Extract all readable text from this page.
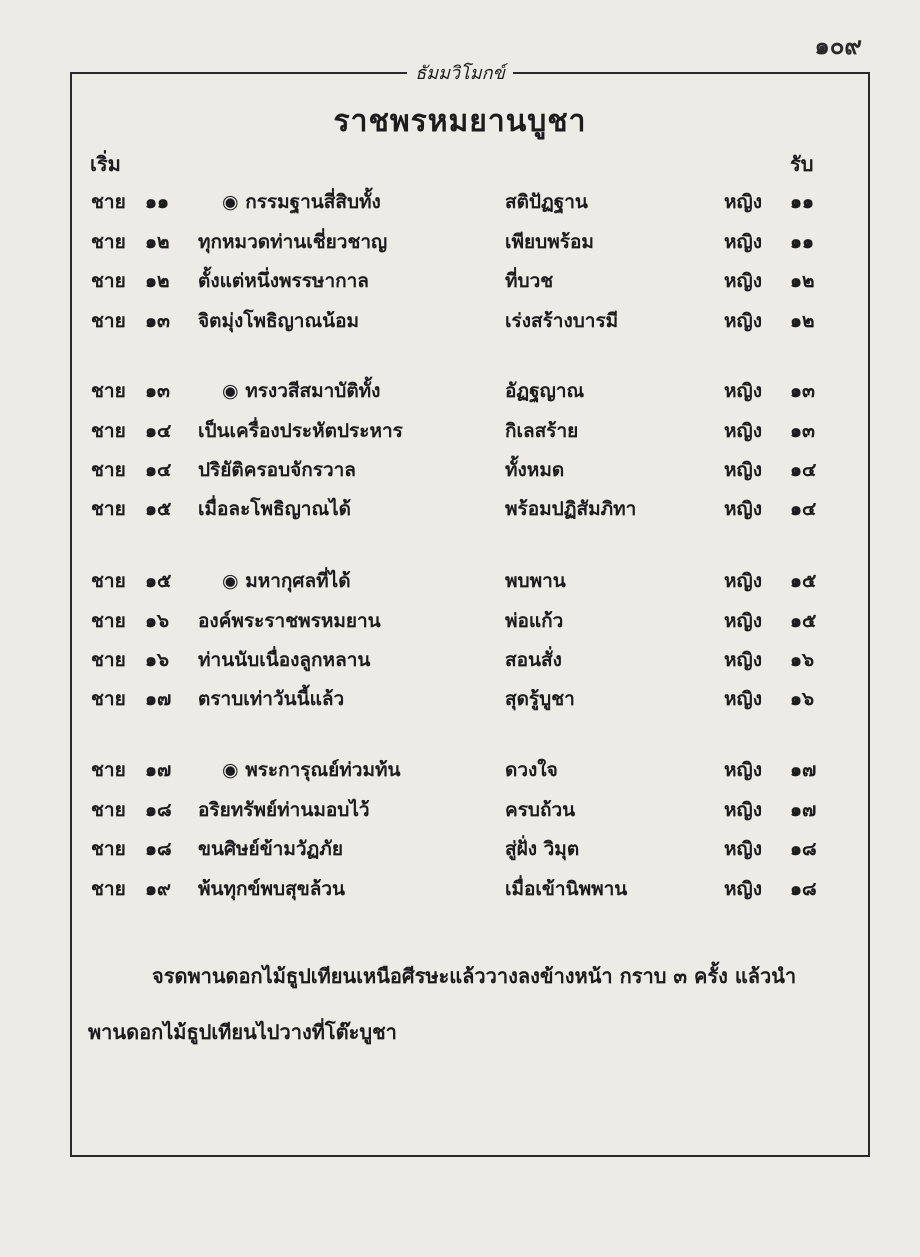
๑๐๙
ธัมมวิโมกข์
ราชพรหมยานบูชา
เริ่ม	รับ
ชาย ๑๑	◉ กรรมฐานสี่สิบทั้ง	สติปัฏฐาน	หญิง ๑๑
ชาย ๑๒ ทุกหมวดท่านเชี่ยวชาญ	เพียบพร้อม	หญิง ๑๑
ชาย ๑๒ ตั้งแต่หนึ่งพรรษากาล	ที่บวช	หญิง ๑๒
ชาย ๑๓ จิตมุ่งโพธิญาณน้อม	เร่งสร้างบารมี	หญิง ๑๒
ชาย ๑๓	◉ ทรงวสีสมาบัติทั้ง	อัฏฐญาณ	หญิง ๑๓
ชาย ๑๔ เป็นเครื่องประหัตประหาร	กิเลสร้าย	หญิง ๑๓
ชาย ๑๔ ปริยัติครอบจักรวาล	ทั้งหมด	หญิง ๑๔
ชาย ๑๕ เมื่อละโพธิญาณได้	พร้อมปฏิสัมภิทา	หญิง ๑๔
ชาย ๑๕	◉ มหากุศลที่ได้	พบพาน	หญิง ๑๕
ชาย ๑๖ องค์พระราชพรหมยาน	พ่อแก้ว	หญิง ๑๕
ชาย ๑๖ ท่านนับเนื่องลูกหลาน	สอนสั่ง	หญิง ๑๖
ชาย ๑๗ ตราบเท่าวันนี้แล้ว	สุดรู้บูชา	หญิง ๑๖
ชาย ๑๗	◉ พระการุณย์ท่วมท้น	ดวงใจ	หญิง ๑๗
ชาย ๑๘ อริยทรัพย์ท่านมอบไว้	ครบถ้วน	หญิง ๑๗
ชาย ๑๘ ขนศิษย์ข้ามวัฏภัย	สู่ฝั่ง วิมุต	หญิง ๑๘
ชาย ๑๙ พ้นทุกข์พบสุขล้วน	เมื่อเข้านิพพาน	หญิง ๑๘
จรดพานดอกไม้ธูปเทียนเหนือศีรษะแล้ววางลงข้างหน้า กราบ ๓ ครั้ง แล้วนำ
พานดอกไม้ธูปเทียนไปวางที่โต๊ะบูชา
